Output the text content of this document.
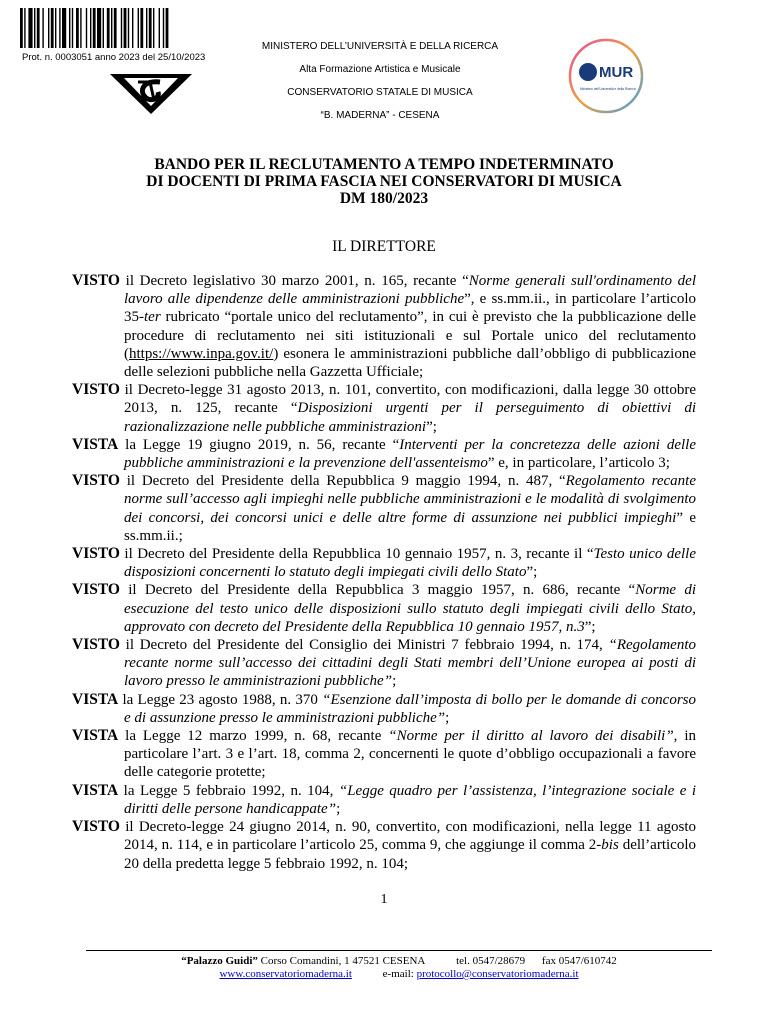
Prot. n. 0003051 anno 2023 del 25/10/2023
MINISTERO DELL’UNIVERSITÀ E DELLA RICERCA
Alta Formazione Artistica e Musicale
CONSERVATORIO STATALE DI MUSICA
“B. MADERNA” - CESENA
MUR
Ministero dell’Università e della Ricerca
BANDO PER IL RECLUTAMENTO A TEMPO INDETERMINATO
DI DOCENTI DI PRIMA FASCIA NEI CONSERVATORI DI MUSICA
DM 180/2023
IL DIRETTORE

VISTO il Decreto legislativo 30 marzo 2001, n. 165, recante “Norme generali sull'ordinamento del lavoro alle dipendenze delle amministrazioni pubbliche”, e ss.mm.ii., in particolare l’articolo 35-ter rubricato “portale unico del reclutamento”, in cui è previsto che la pubblicazione delle procedure di reclutamento nei siti istituzionali e sul Portale unico del reclutamento (https://www.inpa.gov.it/) esonera le amministrazioni pubbliche dall’obbligo di pubblicazione delle selezioni pubbliche nella Gazzetta Ufficiale;

VISTO il Decreto-legge 31 agosto 2013, n. 101, convertito, con modificazioni, dalla legge 30 ottobre 2013, n. 125, recante “Disposizioni urgenti per il perseguimento di obiettivi di razionalizzazione nelle pubbliche amministrazioni”;

VISTA la Legge 19 giugno 2019, n. 56, recante “Interventi per la concretezza delle azioni delle pubbliche amministrazioni e la prevenzione dell'assenteismo” e, in particolare, l’articolo 3;

VISTO il Decreto del Presidente della Repubblica 9 maggio 1994, n. 487, “Regolamento recante norme sull’accesso agli impieghi nelle pubbliche amministrazioni e le modalità di svolgimento dei concorsi, dei concorsi unici e delle altre forme di assunzione nei pubblici impieghi” e ss.mm.ii.;

VISTO il Decreto del Presidente della Repubblica 10 gennaio 1957, n. 3, recante il “Testo unico delle disposizioni concernenti lo statuto degli impiegati civili dello Stato”;

VISTO il Decreto del Presidente della Repubblica 3 maggio 1957, n. 686, recante “Norme di esecuzione del testo unico delle disposizioni sullo statuto degli impiegati civili dello Stato, approvato con decreto del Presidente della Repubblica 10 gennaio 1957, n.3”;

VISTO il Decreto del Presidente del Consiglio dei Ministri 7 febbraio 1994, n. 174, “Regolamento recante norme sull’accesso dei cittadini degli Stati membri dell’Unione europea ai posti di lavoro presso le amministrazioni pubbliche”;

VISTA la Legge 23 agosto 1988, n. 370 “Esenzione dall’imposta di bollo per le domande di concorso e di assunzione presso le amministrazioni pubbliche”;

VISTA la Legge 12 marzo 1999, n. 68, recante “Norme per il diritto al lavoro dei disabili”, in particolare l’art. 3 e l’art. 18, comma 2, concernenti le quote d’obbligo occupazionali a favore delle categorie protette;

VISTA la Legge 5 febbraio 1992, n. 104, “Legge quadro per l’assistenza, l’integrazione sociale e i diritti delle persone handicappate”;

VISTO il Decreto-legge 24 giugno 2014, n. 90, convertito, con modificazioni, nella legge 11 agosto 2014, n. 114, e in particolare l’articolo 25, comma 9, che aggiunge il comma 2-bis dell’articolo 20 della predetta legge 5 febbraio 1992, n. 104;

1
“Palazzo Guidi” Corso Comandini, 1 47521 CESENA	tel. 0547/28679 fax 0547/610742
www.conservatoriomaderna.it	e-mail: protocollo@conservatoriomaderna.it
